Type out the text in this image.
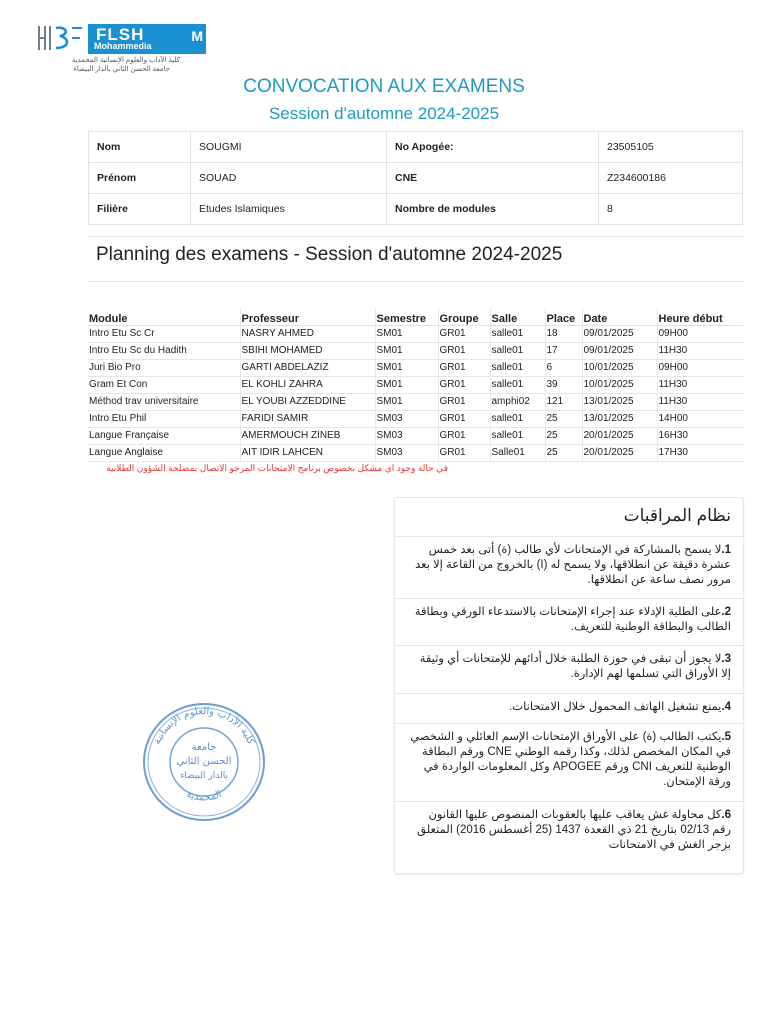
FLSH	M
Mohammedia
كلية الآداب والعلوم الإنسانية المحمدية
جامعة الحسن الثاني بالدار البيضاء
CONVOCATION AUX EXAMENS
Session d'automne 2024-2025
Nom	SOUGMI	No Apogée:	23505105
Prénom	SOUAD	CNE	Z234600186
Filière	Etudes Islamiques	Nombre de modules	8
Planning des examens - Session d'automne 2024-2025
Module	Professeur	Semestre	Groupe	Salle	Place	Date	Heure début
Intro Etu Sc Cr	NASRY AHMED	SM01	GR01	salle01	18	09/01/2025	09H00
Intro Etu Sc du Hadith	SBIHI MOHAMED	SM01	GR01	salle01	17	09/01/2025	11H30
Juri Bio Pro	GARTI ABDELAZIZ	SM01	GR01	salle01	6	10/01/2025	09H00
Gram Et Con	EL KOHLI ZAHRA	SM01	GR01	salle01	39	10/01/2025	11H30
Méthod trav universitaire	EL YOUBI AZZEDDINE	SM01	GR01	amphi02	121	13/01/2025	11H30
Intro Etu Phil	FARIDI SAMIR	SM03	GR01	salle01	25	13/01/2025	14H00
Langue Française	AMERMOUCH ZINEB	SM03	GR01	salle01	25	20/01/2025	16H30
Langue Anglaise	AIT IDIR LAHCEN	SM03	GR01	Salle01	25	20/01/2025	17H30
في حالة وجود اي مشكل بخصوص برنامج الامتحانات المرجو الاتصال بمصلحة الشؤون الطلابية
كلية الآداب والعلوم الإنسانية
المحمدية
جامعة
الحسن الثاني
بالدار البيضاء
نظام المراقبات
1.لا يسمح بالمشاركة في الإمتحانات لأي طالب (ة) أتى بعد خمس عشرة دقيقة عن انطلاقها، ولا يسمح له (ا) بالخروج من القاعة إلا بعد مرور نصف ساعة عن انطلاقها.
2.على الطلبة الإدلاء عند إجراء الإمتحانات بالاستدعاء الورقي وبطاقة الطالب والبطاقة الوطنية للتعريف.
3.لا يجوز أن تبقى في حوزة الطلبة خلال أدائهم للإمتحانات أي وثيقة إلا الأوراق التي تسلمها لهم الإدارة.
4.يمنع تشغيل الهاتف المحمول خلال الامتحانات.
5.يكتب الطالب (ة) على الأوراق الإمتحانات الإسم العائلي و الشخصي في المكان المخصص لذلك، وكذا رقمه الوطني CNE ورقم البطاقة الوطنية للتعريف CNI ورقم APOGEE وكل المعلومات الواردة في ورقة الإمتحان.
6.كل محاولة غش يعاقب عليها بالعقوبات المنصوص عليها القانون رقم 02/13 بتاريخ 21 ذي القعدة 1437 (25 أغسطس 2016) المتعلق بزجر الغش في الامتحانات
